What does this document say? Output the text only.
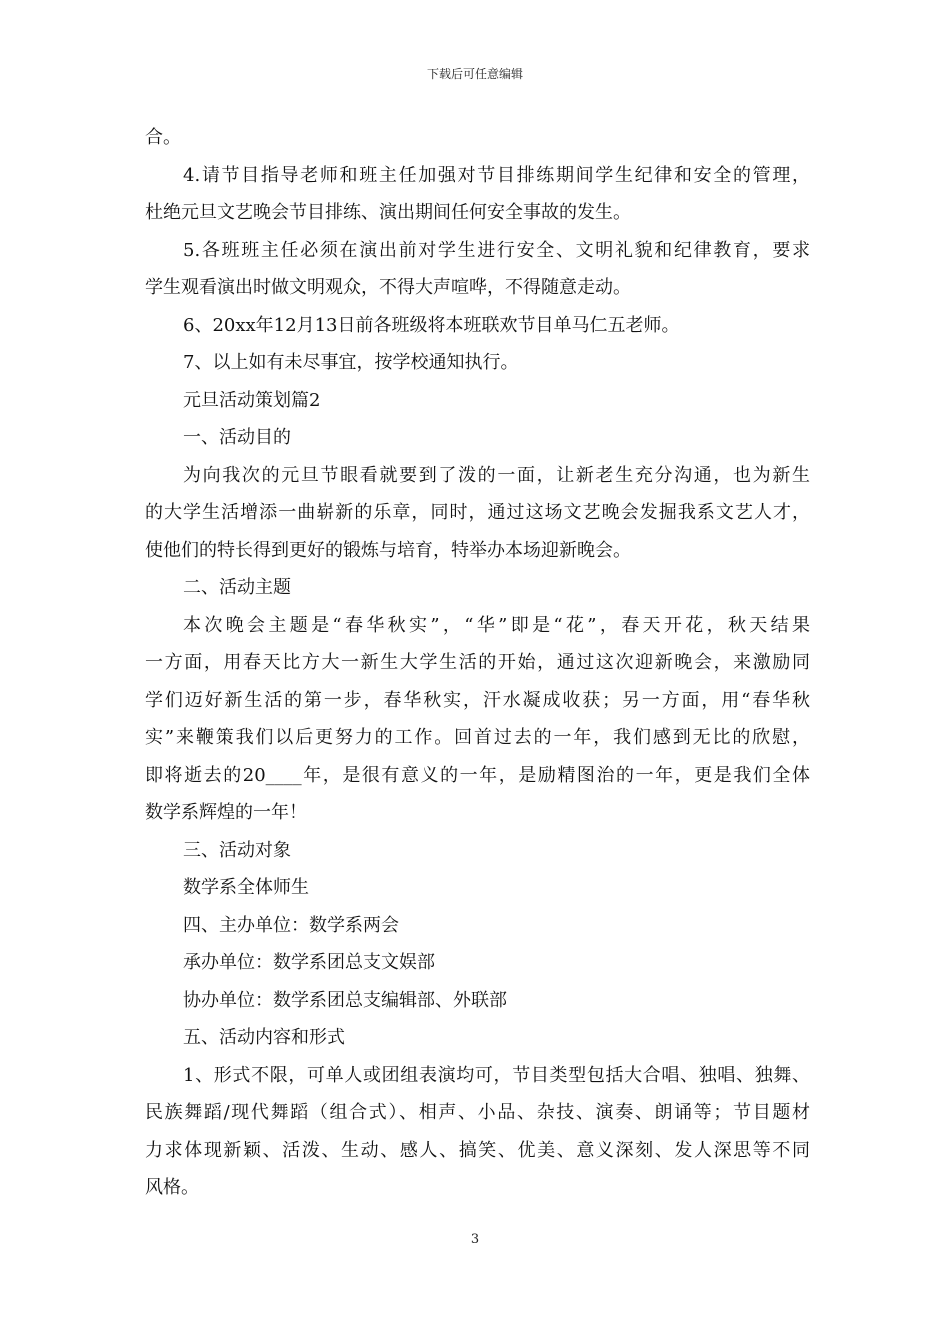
下载后可任意编辑
合。
4.请节目指导老师和班主任加强对节目排练期间学生纪律和安全的管理，
杜绝元旦文艺晚会节目排练、演出期间任何安全事故的发生。
5.各班班主任必须在演出前对学生进行安全、文明礼貌和纪律教育，要求
学生观看演出时做文明观众，不得大声喧哗，不得随意走动。
6、20xx年12月13日前各班级将本班联欢节目单马仁五老师。
7、以上如有未尽事宜，按学校通知执行。
元旦活动策划篇2
一、活动目的
为向我次的元旦节眼看就要到了泼的一面，让新老生充分沟通，也为新生
的大学生活增添一曲崭新的乐章，同时，通过这场文艺晚会发掘我系文艺人才，
使他们的特长得到更好的锻炼与培育，特举办本场迎新晚会。
二、活动主题
本次晚会主题是“春华秋实”，“华”即是“花”，春天开花，秋天结果
一方面，用春天比方大一新生大学生活的开始，通过这次迎新晚会，来激励同
学们迈好新生活的第一步，春华秋实，汗水凝成收获；另一方面，用“春华秋
实”来鞭策我们以后更努力的工作。回首过去的一年，我们感到无比的欣慰，
即将逝去的20____年，是很有意义的一年，是励精图治的一年，更是我们全体
数学系辉煌的一年！
三、活动对象
数学系全体师生
四、主办单位：数学系两会
承办单位：数学系团总支文娱部
协办单位：数学系团总支编辑部、外联部
五、活动内容和形式
1、形式不限，可单人或团组表演均可，节目类型包括大合唱、独唱、独舞、
民族舞蹈/现代舞蹈（组合式）、相声、小品、杂技、演奏、朗诵等；节目题材
力求体现新颖、活泼、生动、感人、搞笑、优美、意义深刻、发人深思等不同
风格。
3
